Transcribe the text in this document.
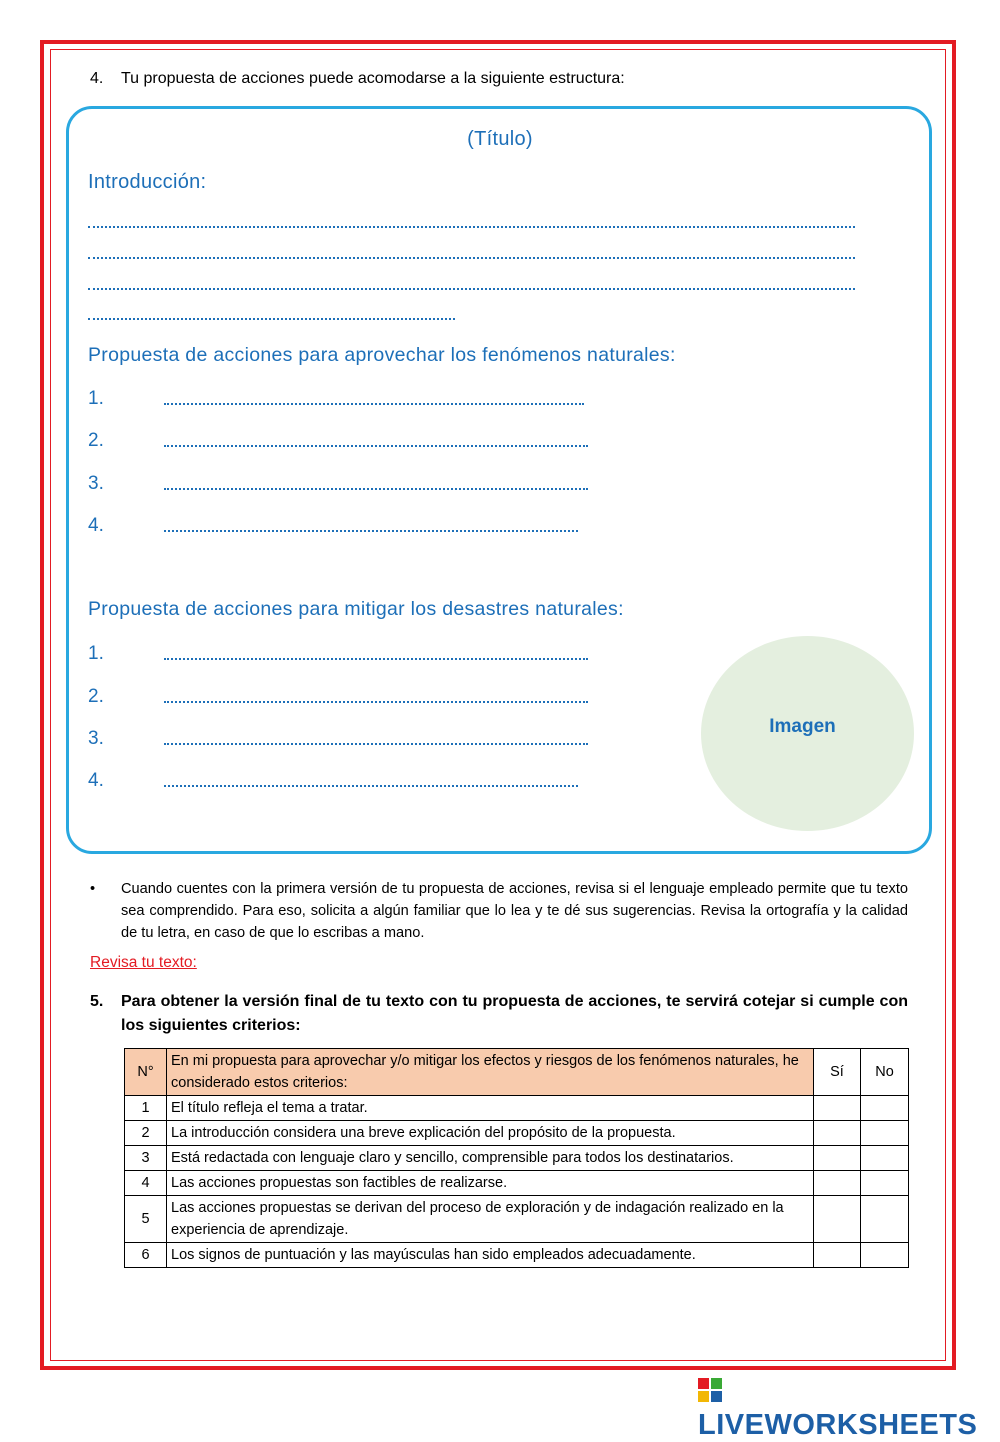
4. Tu propuesta de acciones puede acomodarse a la siguiente estructura:
(Título)
Introducción:
Propuesta de acciones para aprovechar los fenómenos naturales:
1.
2.
3.
4.
Propuesta de acciones para mitigar los desastres naturales:
1.
2.
3.
4.
Imagen
• Cuando cuentes con la primera versión de tu propuesta de acciones, revisa si el lenguaje empleado permite que tu texto sea comprendido. Para eso, solicita a algún familiar que lo lea y te dé sus sugerencias. Revisa la ortografía y la calidad de tu letra, en caso de que lo escribas a mano.
Revisa tu texto:
5. Para obtener la versión final de tu texto con tu propuesta de acciones, te servirá cotejar si cumple con los siguientes criterios:
N°	En mi propuesta para aprovechar y/o mitigar los efectos y riesgos de los fenómenos naturales, he considerado estos criterios:	Sí	No
1	El título refleja el tema a tratar.		
2	La introducción considera una breve explicación del propósito de la propuesta.		
3	Está redactada con lenguaje claro y sencillo, comprensible para todos los destinatarios.		
4	Las acciones propuestas son factibles de realizarse.		
5	Las acciones propuestas se derivan del proceso de exploración y de indagación realizado en la experiencia de aprendizaje.		
6	Los signos de puntuación y las mayúsculas han sido empleados adecuadamente.		
LIVEWORKSHEETS
